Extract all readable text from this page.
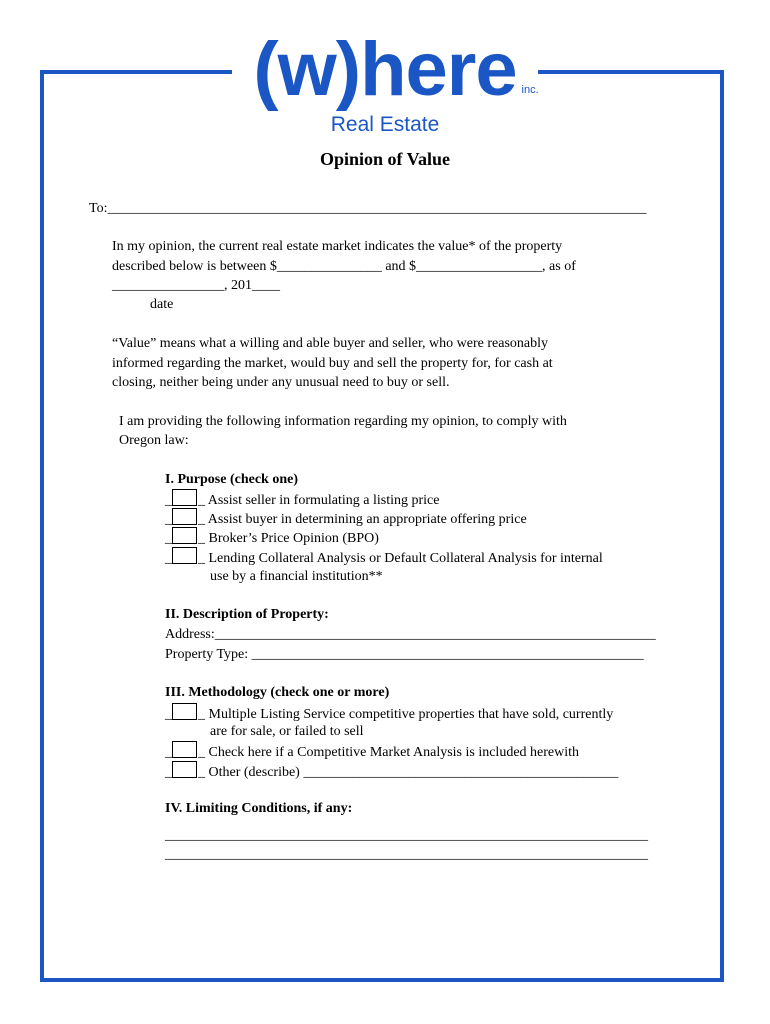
(w)here inc.
Real Estate
Opinion of Value
To:_____________________________________________________________________________
In my opinion, the current real estate market indicates the value* of the property
described below is between $_______________ and $__________________, as of
________________, 201____
date
“Value” means what a willing and able buyer and seller, who were reasonably
informed regarding the market, would buy and sell the property for, for cash at
closing, neither being under any unusual need to buy or sell.
I am providing the following information regarding my opinion, to comply with
Oregon law:
I. Purpose (check one)
_ _ Assist seller in formulating a listing price
_ _ Assist buyer in determining an appropriate offering price
_ _ Broker’s Price Opinion (BPO)
_ _ Lending Collateral Analysis or Default Collateral Analysis for internal
use by a financial institution**
II. Description of Property:
Address:_______________________________________________________________
Property Type: ________________________________________________________
III. Methodology (check one or more)
_ _ Multiple Listing Service competitive properties that have sold, currently
are for sale, or failed to sell
_ _ Check here if a Competitive Market Analysis is included herewith
_ _ Other (describe) _____________________________________________
IV. Limiting Conditions, if any:
_____________________________________________________________________
_____________________________________________________________________
